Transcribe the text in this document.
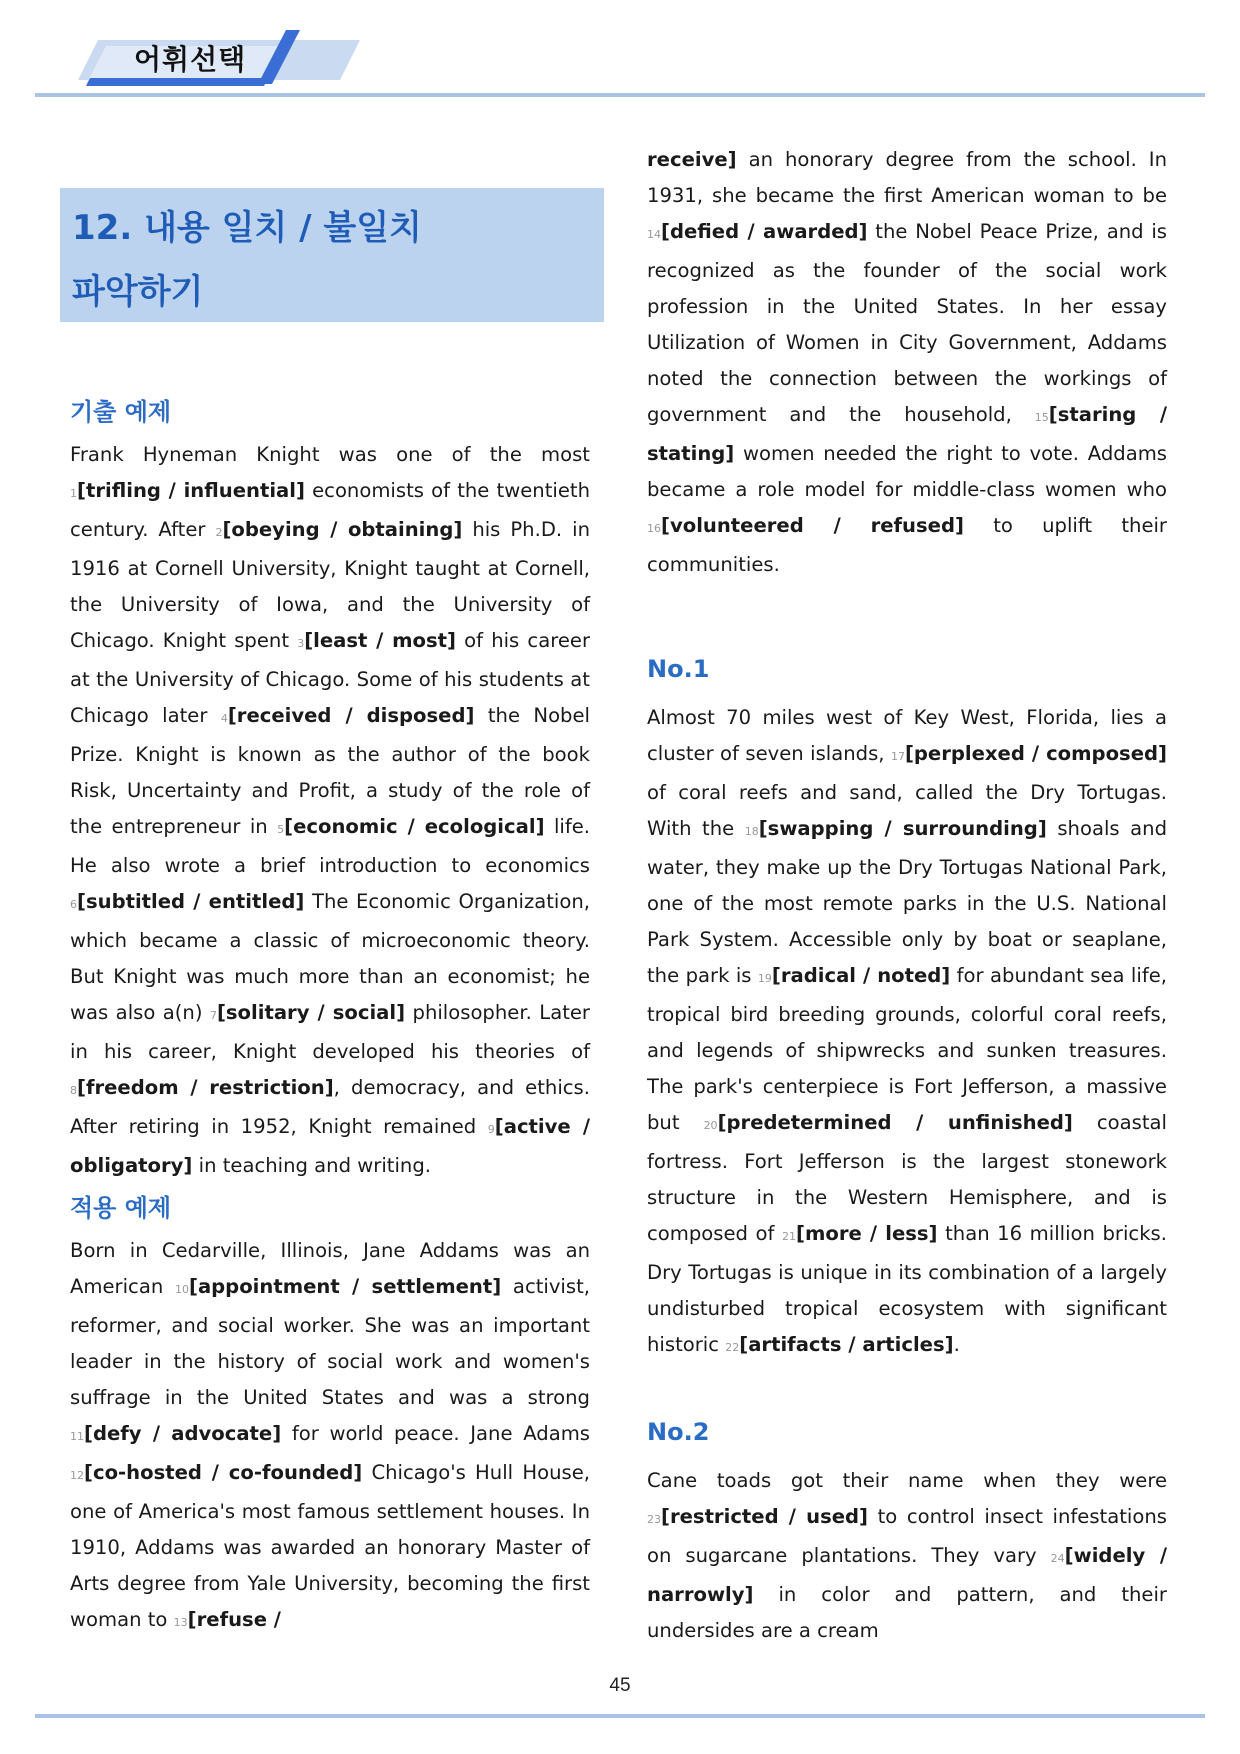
어휘선택

12. 내용 일치 / 불일치
파악하기

기출 예제

Frank Hyneman Knight was one of the most 1[trifling / influential] economists of the twentieth century. After 2[obeying / obtaining] his Ph.D. in 1916 at Cornell University, Knight taught at Cornell, the University of Iowa, and the University of Chicago. Knight spent 3[least / most] of his career at the University of Chicago. Some of his students at Chicago later 4[received / disposed] the Nobel Prize. Knight is known as the author of the book Risk, Uncertainty and Profit, a study of the role of the entrepreneur in 5[economic / ecological] life. He also wrote a brief introduction to economics 6[subtitled / entitled] The Economic Organization, which became a classic of microeconomic theory. But Knight was much more than an economist; he was also a(n) 7[solitary / social] philosopher. Later in his career, Knight developed his theories of 8[freedom / restriction], democracy, and ethics. After retiring in 1952, Knight remained 9[active / obligatory] in teaching and writing.

적용 예제

Born in Cedarville, Illinois, Jane Addams was an American 10[appointment / settlement] activist, reformer, and social worker. She was an important leader in the history of social work and women's suffrage in the United States and was a strong 11[defy / advocate] for world peace. Jane Adams 12[co-hosted / co-founded] Chicago's Hull House, one of America's most famous settlement houses. In 1910, Addams was awarded an honorary Master of Arts degree from Yale University, becoming the first woman to 13[refuse /

receive] an honorary degree from the school. In 1931, she became the first American woman to be 14[defied / awarded] the Nobel Peace Prize, and is recognized as the founder of the social work profession in the United States. In her essay Utilization of Women in City Government, Addams noted the connection between the workings of government and the household, 15[staring / stating] women needed the right to vote. Addams became a role model for middle-class women who 16[volunteered / refused] to uplift their communities.

No.1

Almost 70 miles west of Key West, Florida, lies a cluster of seven islands, 17[perplexed / composed] of coral reefs and sand, called the Dry Tortugas. With the 18[swapping / surrounding] shoals and water, they make up the Dry Tortugas National Park, one of the most remote parks in the U.S. National Park System. Accessible only by boat or seaplane, the park is 19[radical / noted] for abundant sea life, tropical bird breeding grounds, colorful coral reefs, and legends of shipwrecks and sunken treasures. The park's centerpiece is Fort Jefferson, a massive but 20[predetermined / unfinished] coastal fortress. Fort Jefferson is the largest stonework structure in the Western Hemisphere, and is composed of 21[more / less] than 16 million bricks. Dry Tortugas is unique in its combination of a largely undisturbed tropical ecosystem with significant historic 22[artifacts / articles].

No.2

Cane toads got their name when they were 23[restricted / used] to control insect infestations on sugarcane plantations. They vary 24[widely / narrowly] in color and pattern, and their undersides are a cream

45
